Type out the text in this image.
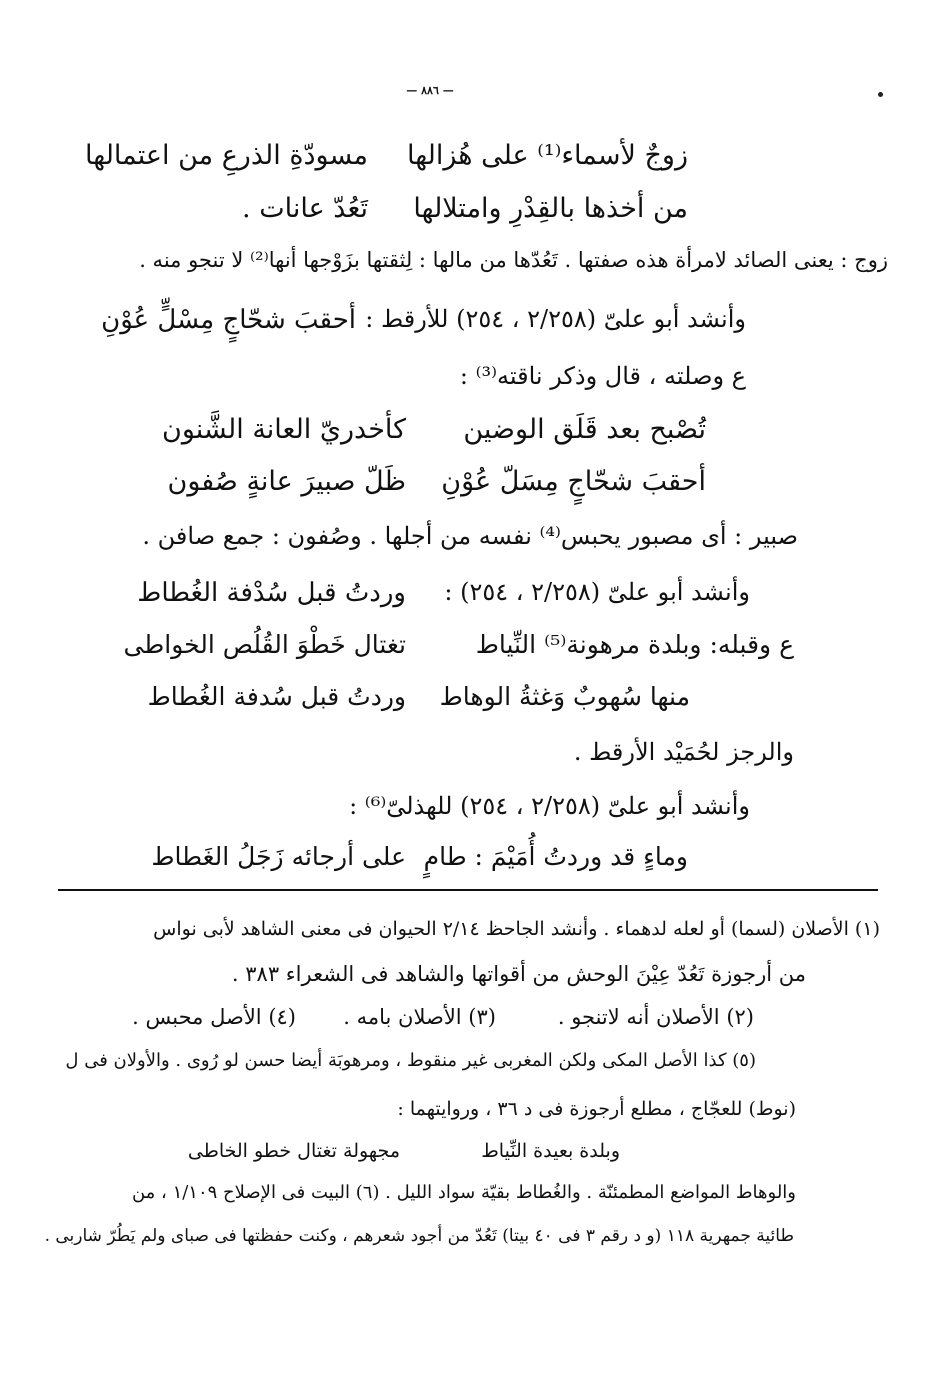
— ٨٨٦ —
زوجٌ لأسماء⁽¹⁾ على هُزالها
مسودّةِ الذرعِ من اعتمالها
من أخذها بالقِدْرِ وامتلالها
تَعُدّ عانات .
زوج : يعنى الصائد لامرأة هذه صفتها . تَعُدّها من مالها : لِثقتها بزَوْجها أنها⁽²⁾ لا تنجو منه .
وأنشد أبو علىّ (٢/٢٥٨ ، ٢٥٤) للأرقط :
أحقبَ شحّاجٍ مِسْلٍّ عُوْنِ
ع وصلته ، قال وذكر ناقته⁽³⁾ :
تُصْبح بعد قَلَق الوضين
كأخدريّ العانة الشَّنون
أحقبَ شحّاجٍ مِسَلّ عُوْنِ
ظَلّ صبيرَ عانةٍ صُفون
صبير : أى مصبور يحبس⁽⁴⁾ نفسه من أجلها . وصُفون : جمع صافن .
وأنشد أبو علىّ (٢/٢٥٨ ، ٢٥٤) :
وردتُ قبل سُدْفة الغُطاط
ع وقبله: وبلدة مرهونة⁽⁵⁾ النِّياط
تغتال خَطْوَ القُلُص الخواطى
منها سُهوبٌ وَغثةُ الوهاط
وردتُ قبل سُدفة الغُطاط
والرجز لحُمَيْد الأرقط .
وأنشد أبو علىّ (٢/٢٥٨ ، ٢٥٤) للهذلىّ⁽⁶⁾ :
وماءٍ قد وردتُ أُمَيْمَ : طامٍ
على أرجائه زَجَلُ الغَطاط
(١) الأصلان (لسما) أو لعله لدهماء . وأنشد الجاحظ ٢/١٤ الحيوان فى معنى الشاهد لأبى نواس
من أرجوزة تَعُدّ عِيْنَ الوحش من أقواتها والشاهد فى الشعراء ٣٨٣ .
(٢) الأصلان أنه لاتنجو .
(٣) الأصلان بامه .
(٤) الأصل محبس .
(٥) كذا الأصل المكى ولكن المغربى غير منقوط ، ومرهوبَة أيضا حسن لو رُوى . والأولان فى ل
(نوط) للعجّاج ، مطلع أرجوزة فى د ٣٦ ، وروايتهما :
وبلدة بعيدة النِّياط
مجهولة تغتال خطو الخاطى
والوهاط المواضع المطمئنّة . والغُطاط بقيّة سواد الليل . (٦) البيت فى الإصلاح ١/١٠٩ ، من
طائية جمهرية ١١٨ (و د رقم ٣ فى ٤٠ بيتا) تَعُدّ من أجود شعرهم ، وكنت حفظتها فى صباى ولم يَطُرّ شاربى .
